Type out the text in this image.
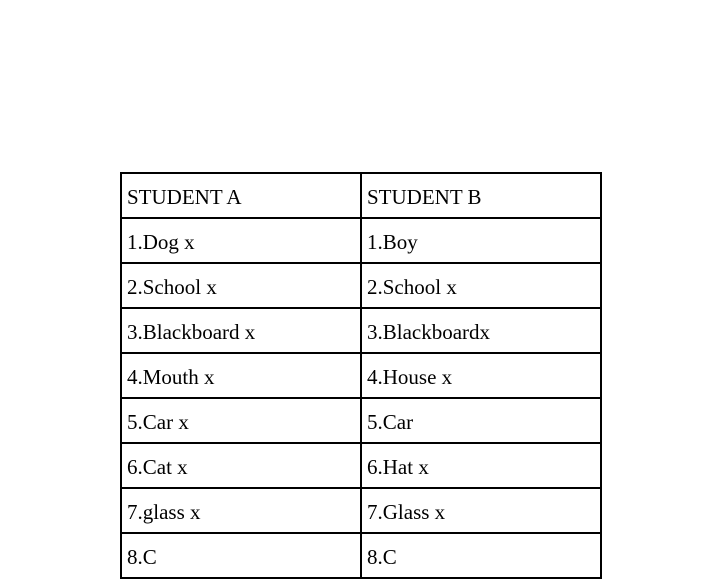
STUDENT A	STUDENT B
1.Dog x	1.Boy
2.School x	2.School x
3.Blackboard x	3.Blackboardx
4.Mouth x	4.House x
5.Car x	5.Car
6.Cat x	6.Hat x
7.glass x	7.Glass x
8.C	8.C
